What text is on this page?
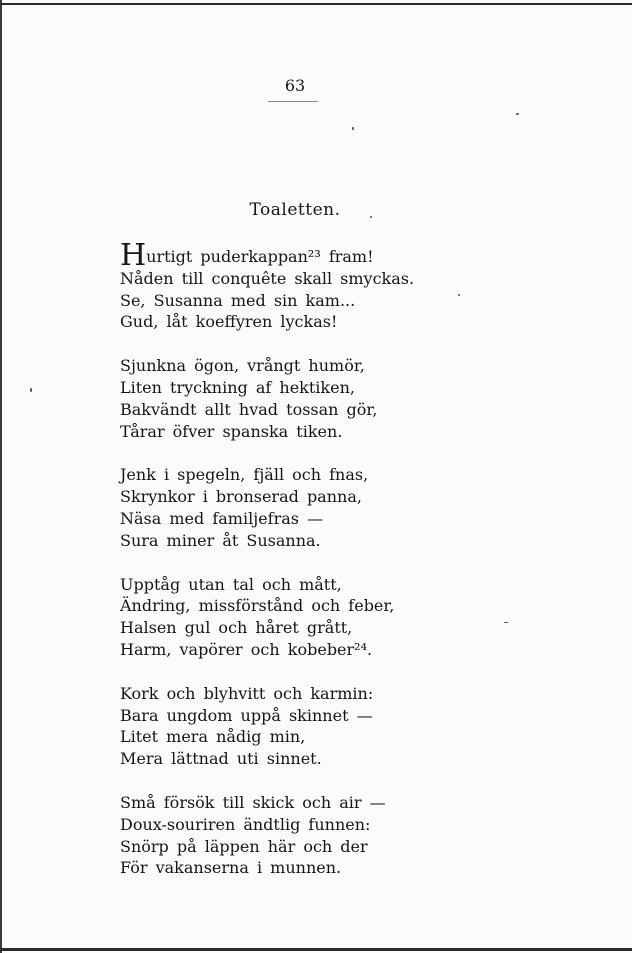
63
Toaletten.
Hurtigt puderkappan²³ fram!
Nåden till conquête skall smyckas.
Se, Susanna med sin kam...
Gud, låt koeffyren lyckas!
Sjunkna ögon, vrångt humör,
Liten tryckning af hektiken,
Bakvändt allt hvad tossan gör,
Tårar öfver spanska tiken.
Jenk i spegeln, fjäll och fnas,
Skrynkor i bronserad panna,
Näsa med familjefras —
Sura miner åt Susanna.
Upptåg utan tal och mått,
Ändring, missförstånd och feber,
Halsen gul och håret grått,
Harm, vapörer och kobeber²⁴.
Kork och blyhvitt och karmin:
Bara ungdom uppå skinnet —
Litet mera nådig min,
Mera lättnad uti sinnet.
Små försök till skick och air —
Doux-souriren ändtlig funnen:
Snörp på läppen här och der
För vakanserna i munnen.
